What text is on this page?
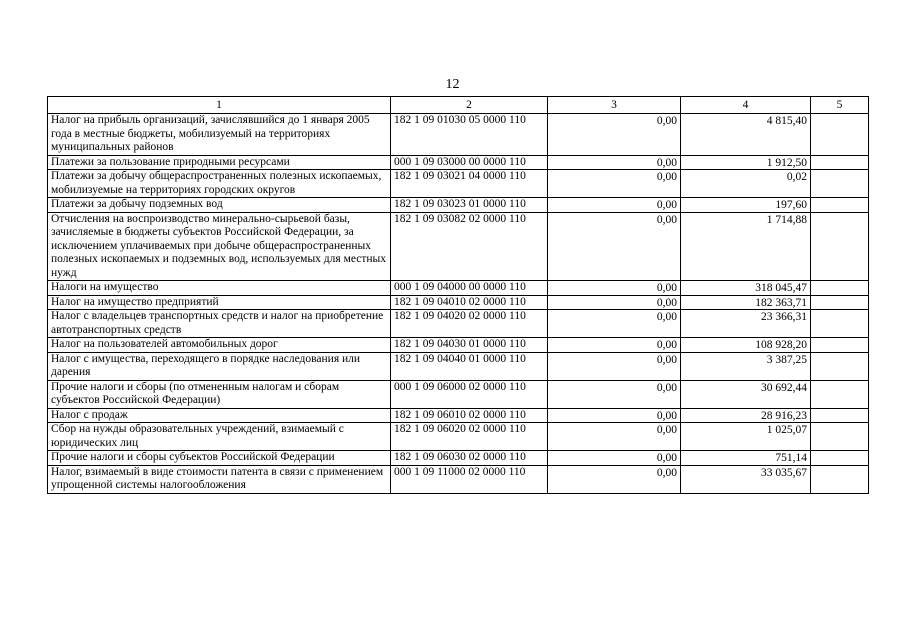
12
1	2	3	4	5
Налог на прибыль организаций, зачислявшийся до 1 января 2005 года в местные бюджеты, мобилизуемый на территориях муниципальных районов	182 1 09 01030 05 0000 110	0,00	4 815,40	
Платежи за пользование природными ресурсами	000 1 09 03000 00 0000 110	0,00	1 912,50	
Платежи за добычу общераспространенных полезных ископаемых, мобилизуемые на территориях городских округов	182 1 09 03021 04 0000 110	0,00	0,02	
Платежи за добычу подземных вод	182 1 09 03023 01 0000 110	0,00	197,60	
Отчисления на воспроизводство минерально-сырьевой базы, зачисляемые в бюджеты субъектов Российской Федерации, за исключением уплачиваемых при добыче общераспространенных полезных ископаемых и подземных вод, используемых для местных нужд	182 1 09 03082 02 0000 110	0,00	1 714,88	
Налоги на имущество	000 1 09 04000 00 0000 110	0,00	318 045,47	
Налог на имущество предприятий	182 1 09 04010 02 0000 110	0,00	182 363,71	
Налог с владельцев транспортных средств и налог на приобретение автотранспортных средств	182 1 09 04020 02 0000 110	0,00	23 366,31	
Налог на пользователей автомобильных дорог	182 1 09 04030 01 0000 110	0,00	108 928,20	
Налог с имущества, переходящего в порядке наследования или дарения	182 1 09 04040 01 0000 110	0,00	3 387,25	
Прочие налоги и сборы (по отмененным налогам и сборам субъектов Российской Федерации)	000 1 09 06000 02 0000 110	0,00	30 692,44	
Налог с продаж	182 1 09 06010 02 0000 110	0,00	28 916,23	
Сбор на нужды образовательных учреждений, взимаемый с юридических лиц	182 1 09 06020 02 0000 110	0,00	1 025,07	
Прочие налоги и сборы субъектов Российской Федерации	182 1 09 06030 02 0000 110	0,00	751,14	
Налог, взимаемый в виде стоимости патента в связи с применением упрощенной системы налогообложения	000 1 09 11000 02 0000 110	0,00	33 035,67	
